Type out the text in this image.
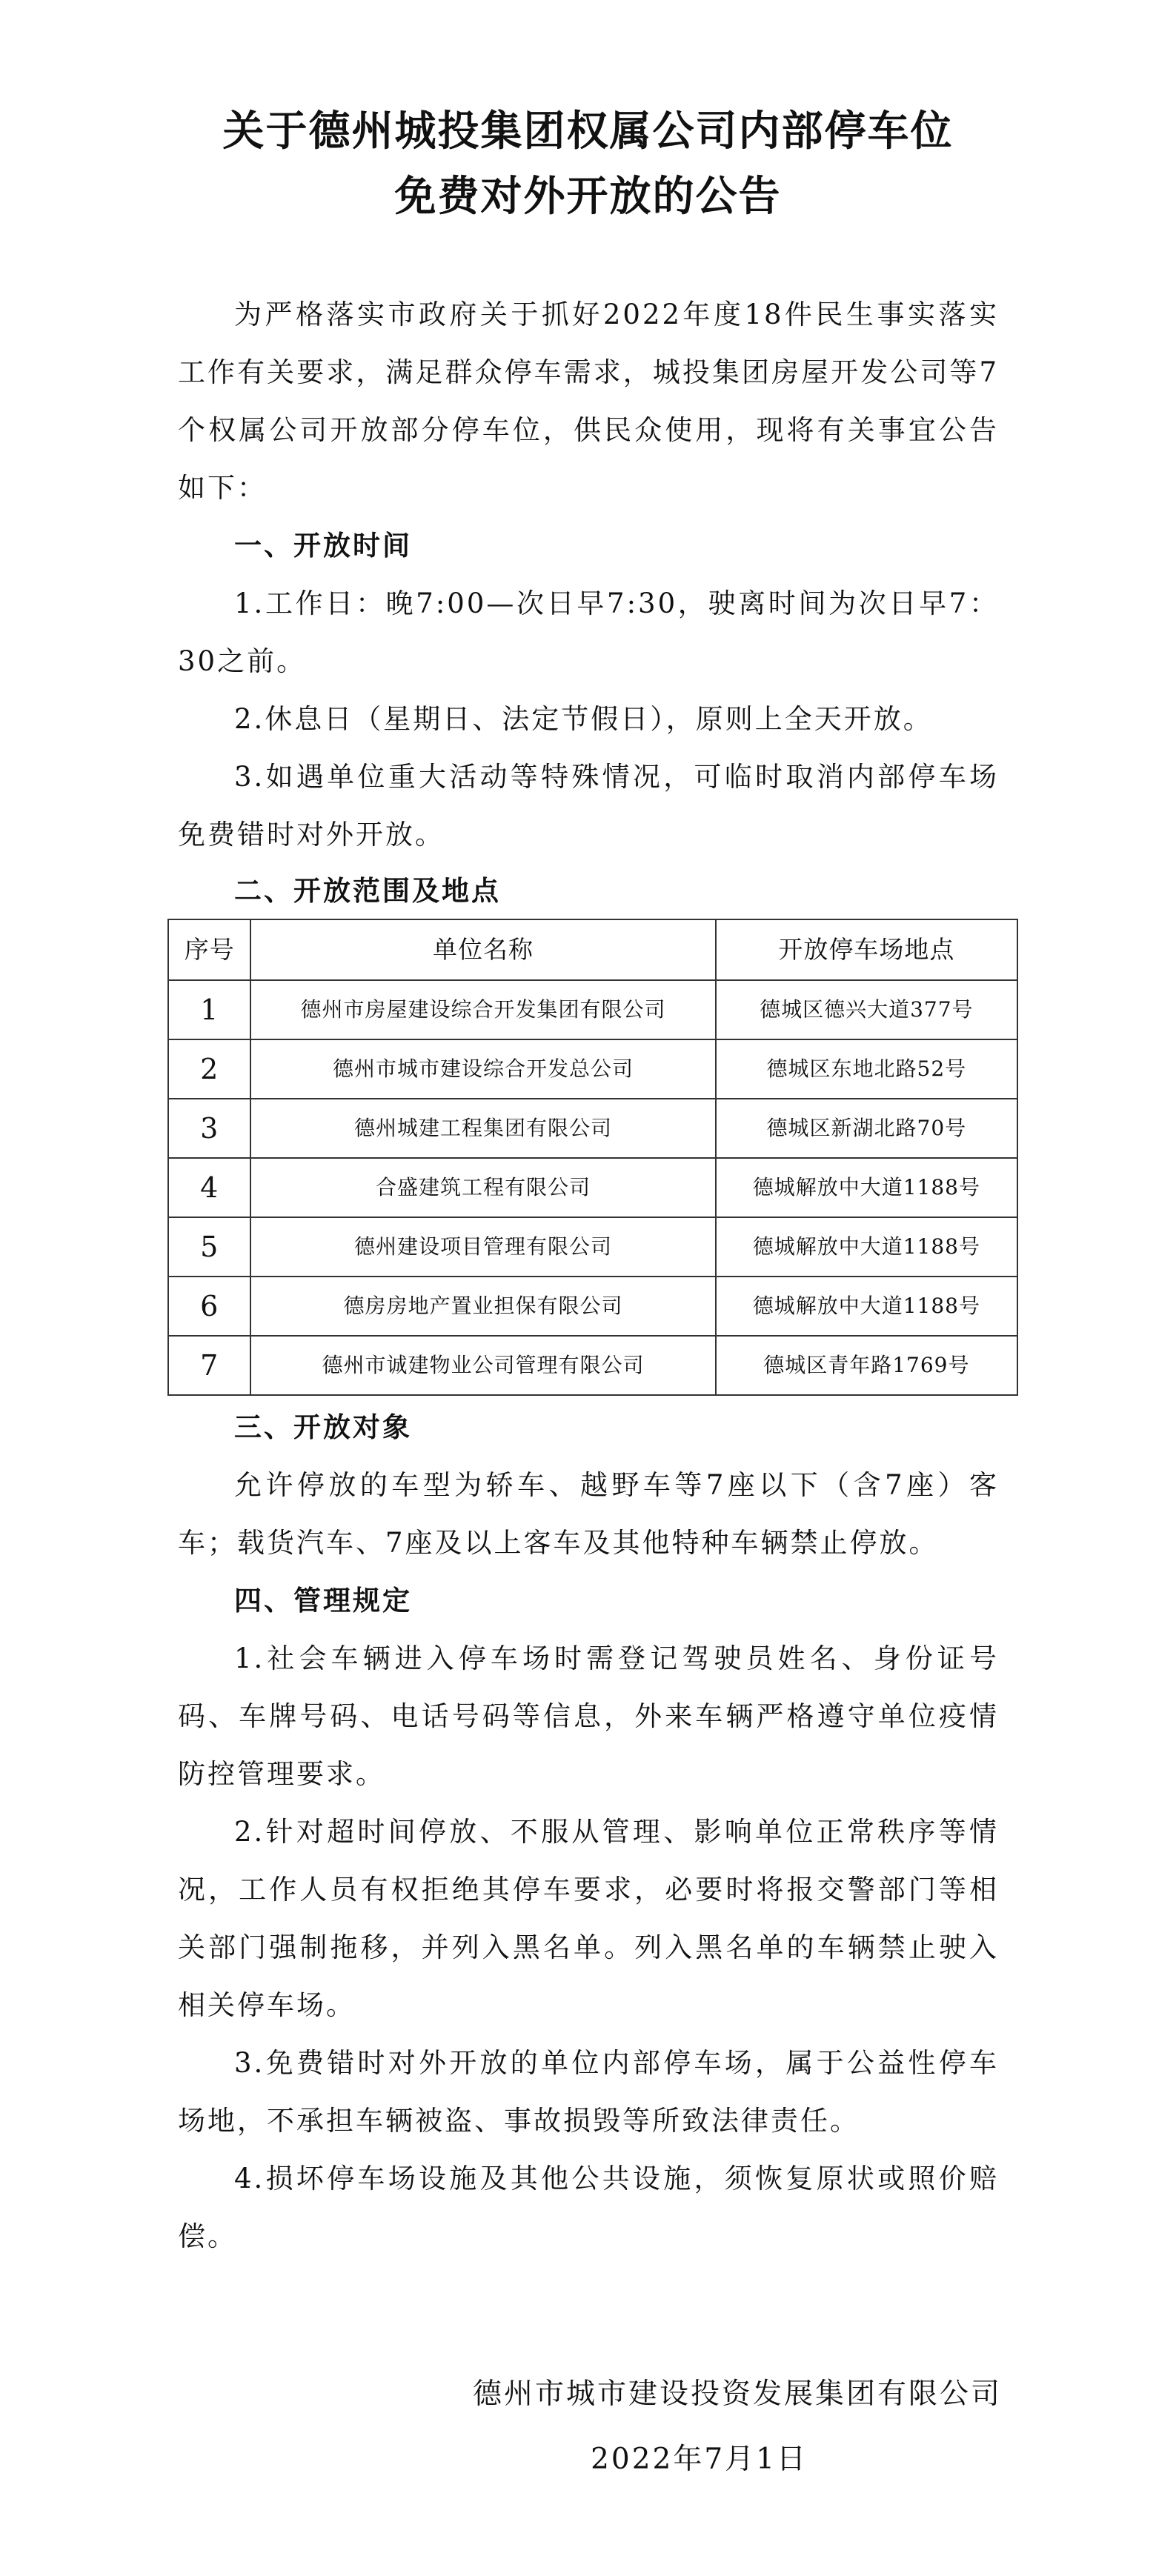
关于德州城投集团权属公司内部停车位
免费对外开放的公告

为严格落实市政府关于抓好2022年度18件民生事实落实工作有关要求，满足群众停车需求，城投集团房屋开发公司等7个权属公司开放部分停车位，供民众使用，现将有关事宜公告如下：

一、开放时间

1.工作日：晚7:00—次日早7:30，驶离时间为次日早7：30之前。

2.休息日（星期日、法定节假日），原则上全天开放。

3.如遇单位重大活动等特殊情况，可临时取消内部停车场免费错时对外开放。

二、开放范围及地点

序号	单位名称	开放停车场地点
1	德州市房屋建设综合开发集团有限公司	德城区德兴大道377号
2	德州市城市建设综合开发总公司	德城区东地北路52号
3	德州城建工程集团有限公司	德城区新湖北路70号
4	合盛建筑工程有限公司	德城解放中大道1188号
5	德州建设项目管理有限公司	德城解放中大道1188号
6	德房房地产置业担保有限公司	德城解放中大道1188号
7	德州市诚建物业公司管理有限公司	德城区青年路1769号

三、开放对象

允许停放的车型为轿车、越野车等7座以下（含7座）客车；载货汽车、7座及以上客车及其他特种车辆禁止停放。

四、管理规定

1.社会车辆进入停车场时需登记驾驶员姓名、身份证号码、车牌号码、电话号码等信息，外来车辆严格遵守单位疫情防控管理要求。

2.针对超时间停放、不服从管理、影响单位正常秩序等情况，工作人员有权拒绝其停车要求，必要时将报交警部门等相关部门强制拖移，并列入黑名单。列入黑名单的车辆禁止驶入相关停车场。

3.免费错时对外开放的单位内部停车场，属于公益性停车场地，不承担车辆被盗、事故损毁等所致法律责任。

4.损坏停车场设施及其他公共设施，须恢复原状或照价赔偿。

德州市城市建设投资发展集团有限公司
2022年7月1日
